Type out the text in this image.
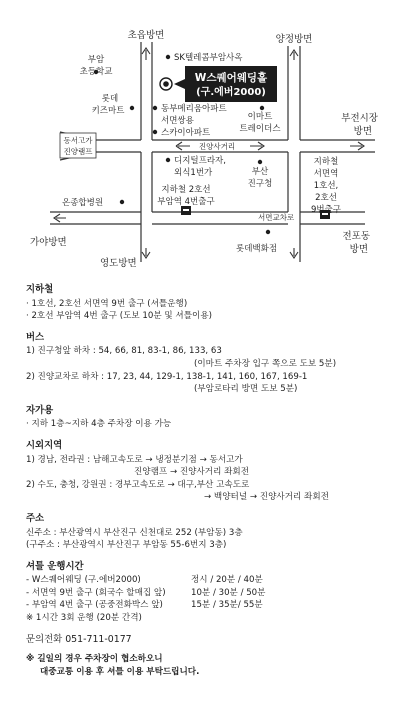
W스퀘어웨딩홀
(구.에버2000)
초읍방면	양정방면
부전시장
방면
가야방면
영도방면
전포동
방면
SK텔레콤부암사옥
부암
초등학교
롯데
키즈마트	동부메리움아파트
서면쌍용
스카이아파트
이마트
트레이더스
진양사거리
디지털프라자,
외식1번가	부산
진구청
지하철 2호선
부암역 4번출구
지하철
서면역
1호선,
2호선
9번출구
온종합병원
서면교차로
롯데백화점
동서고가
진양램프
지하철
· 1호선, 2호선 서면역 9번 출구 (셔틀운행)
· 2호선 부암역 4번 출구 (도보 10분 및 셔틀이용)
버스
1) 진구청앞 하차 : 54, 66, 81, 83-1, 86, 133, 63
(이마트 주차장 입구 쪽으로 도보 5분)
2) 진양교차로 하차 : 17, 23, 44, 129-1, 138-1, 141, 160, 167, 169-1
(부암로타리 방면 도보 5분)
자가용
· 지하 1층~지하 4층 주차장 이용 가능
시외지역
1) 경남, 전라권 : 남해고속도로 → 냉정분기점 → 동서고가
진양램프 → 진양사거리 좌회전
2) 수도, 충청, 강원권 : 경부고속도로 → 대구,부산 고속도로
→ 백양터널 → 진양사거리 좌회전
주소
신주소 : 부산광역시 부산진구 신천대로 252 (부암동) 3층
(구주소 : 부산광역시 부산진구 부암동 55-6번지 3층)
셔틀 운행시간
- W스퀘어웨딩 (구.에버2000)	정시 / 20분 / 40분
- 서면역 9번 출구 (회국수 할매집 앞)	10분 / 30분 / 50분
- 부암역 4번 출구 (공중전화박스 앞)	15분 / 35분/ 55분
※ 1시간 3회 운행 (20분 간격)
문의전화 051-711-0177
※ 길일의 경우 주차장이 협소하오니
대중교통 이용 후 셔틀 이용 부탁드립니다.
